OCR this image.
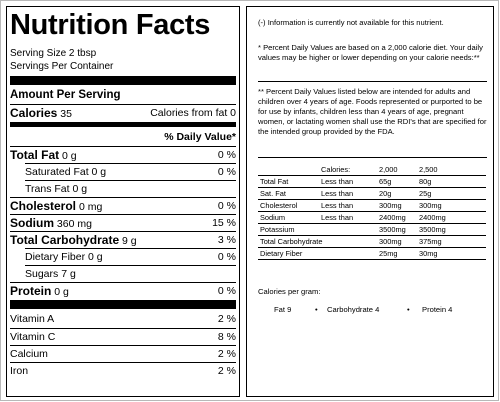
Nutrition Facts
Serving Size 2 tbsp
Servings Per Container
Amount Per Serving
Calories 35	Calories from fat 0
% Daily Value*
Total Fat 0 g	0 %
Saturated Fat 0 g	0 %
Trans Fat 0 g
Cholesterol 0 mg	0 %
Sodium 360 mg	15 %
Total Carbohydrate 9 g	3 %
Dietary Fiber 0 g	0 %
Sugars 7 g
Protein 0 g	0 %
Vitamin A	2 %
Vitamin C	8 %
Calcium	2 %
Iron	2 %
(-) Information is currently not available for this nutrient.
* Percent Daily Values are based on a 2,000 calorie diet. Your daily values may be higher or lower depending on your calorie needs:**
** Percent Daily Values listed below are intended for adults and children over 4 years of age. Foods represented or purported to be for use by infants, children less than 4 years of age, pregnant women, or lactating women shall use the RDI's that are specified for the intended group provided by the FDA.
Calories:	2,000	2,500
Total Fat	Less than	65g	80g
Sat. Fat	Less than	20g	25g
Cholesterol	Less than	300mg 300mg
Sodium	Less than	2400mg 2400mg
Potassium	3500mg 3500mg
Total Carbohydrate	300mg 375mg
Dietary Fiber	25mg	30mg
Calories per gram:
Fat 9	• Carbohydrate 4	• Protein 4
